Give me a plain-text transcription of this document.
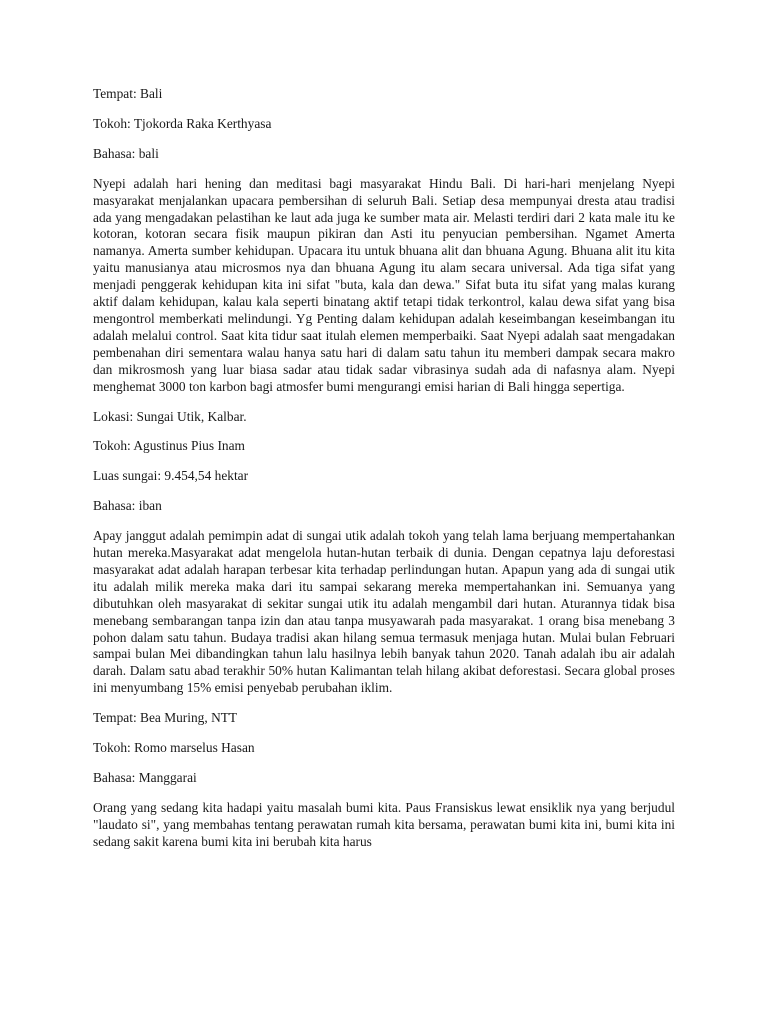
Tempat: Bali

Tokoh: Tjokorda Raka Kerthyasa

Bahasa: bali

Nyepi adalah hari hening dan meditasi bagi masyarakat Hindu Bali. Di hari-hari menjelang Nyepi masyarakat menjalankan upacara pembersihan di seluruh Bali. Setiap desa mempunyai dresta atau tradisi ada yang mengadakan pelastihan ke laut ada juga ke sumber mata air. Melasti terdiri dari 2 kata male itu ke kotoran, kotoran secara fisik maupun pikiran dan Asti itu penyucian pembersihan. Ngamet Amerta namanya. Amerta sumber kehidupan. Upacara itu untuk bhuana alit dan bhuana Agung. Bhuana alit itu kita yaitu manusianya atau microsmos nya dan bhuana Agung itu alam secara universal. Ada tiga sifat yang menjadi penggerak kehidupan kita ini sifat "buta, kala dan dewa." Sifat buta itu sifat yang malas kurang aktif dalam kehidupan, kalau kala seperti binatang aktif tetapi tidak terkontrol, kalau dewa sifat yang bisa mengontrol memberkati melindungi. Yg Penting dalam kehidupan adalah keseimbangan keseimbangan itu adalah melalui control. Saat kita tidur saat itulah elemen memperbaiki. Saat Nyepi adalah saat mengadakan pembenahan diri sementara walau hanya satu hari di dalam satu tahun itu memberi dampak secara makro dan mikrosmosh yang luar biasa sadar atau tidak sadar vibrasinya sudah ada di nafasnya alam. Nyepi menghemat 3000 ton karbon bagi atmosfer bumi mengurangi emisi harian di Bali hingga sepertiga.

Lokasi: Sungai Utik, Kalbar.

Tokoh: Agustinus Pius Inam

Luas sungai: 9.454,54 hektar

Bahasa: iban

Apay janggut adalah pemimpin adat di sungai utik adalah tokoh yang telah lama berjuang mempertahankan hutan mereka.Masyarakat adat mengelola hutan-hutan terbaik di dunia. Dengan cepatnya laju deforestasi masyarakat adat adalah harapan terbesar kita terhadap perlindungan hutan. Apapun yang ada di sungai utik itu adalah milik mereka maka dari itu sampai sekarang mereka mempertahankan ini. Semuanya yang dibutuhkan oleh masyarakat di sekitar sungai utik itu adalah mengambil dari hutan. Aturannya tidak bisa menebang sembarangan tanpa izin dan atau tanpa musyawarah pada masyarakat. 1 orang bisa menebang 3 pohon dalam satu tahun. Budaya tradisi akan hilang semua termasuk menjaga hutan. Mulai bulan Februari sampai bulan Mei dibandingkan tahun lalu hasilnya lebih banyak tahun 2020. Tanah adalah ibu air adalah darah. Dalam satu abad terakhir 50% hutan Kalimantan telah hilang akibat deforestasi. Secara global proses ini menyumbang 15% emisi penyebab perubahan iklim.

Tempat: Bea Muring, NTT

Tokoh: Romo marselus Hasan

Bahasa: Manggarai

Orang yang sedang kita hadapi yaitu masalah bumi kita. Paus Fransiskus lewat ensiklik nya yang berjudul "laudato si", yang membahas tentang perawatan rumah kita bersama, perawatan bumi kita ini, bumi kita ini sedang sakit karena bumi kita ini berubah kita harus
